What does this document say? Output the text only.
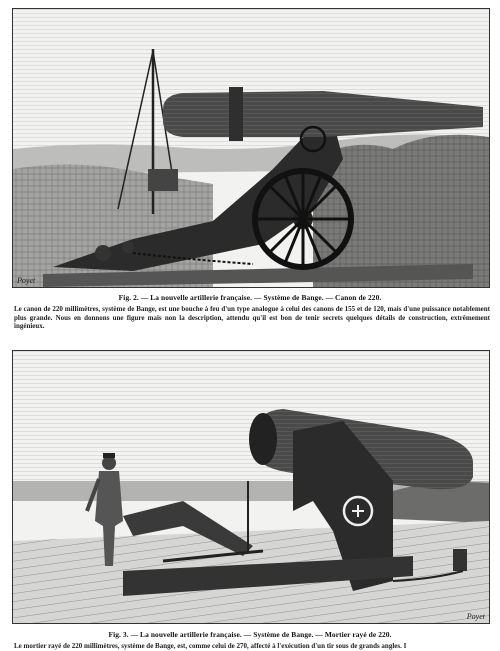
Poyet
Fig. 2. — La nouvelle artillerie française. — Système de Bange. — Canon de 220.
Le canon de 220 millimètres, système de Bange, est une bouche à feu d'un type analogue à celui des canons de 155 et de 120, mais d'une puissance notablement plus grande. Nous en donnons une figure mais non la description, attendu qu'il est bon de tenir secrets quelques détails de construction, extrêmement ingénieux.
Poyet
Fig. 3. — La nouvelle artillerie française. — Système de Bange. — Mortier rayé de 220.
Le mortier rayé de 220 millimètres, système de Bange, est, comme celui de 270, affecté à l'exécution d'un tir sous de grands angles. I
